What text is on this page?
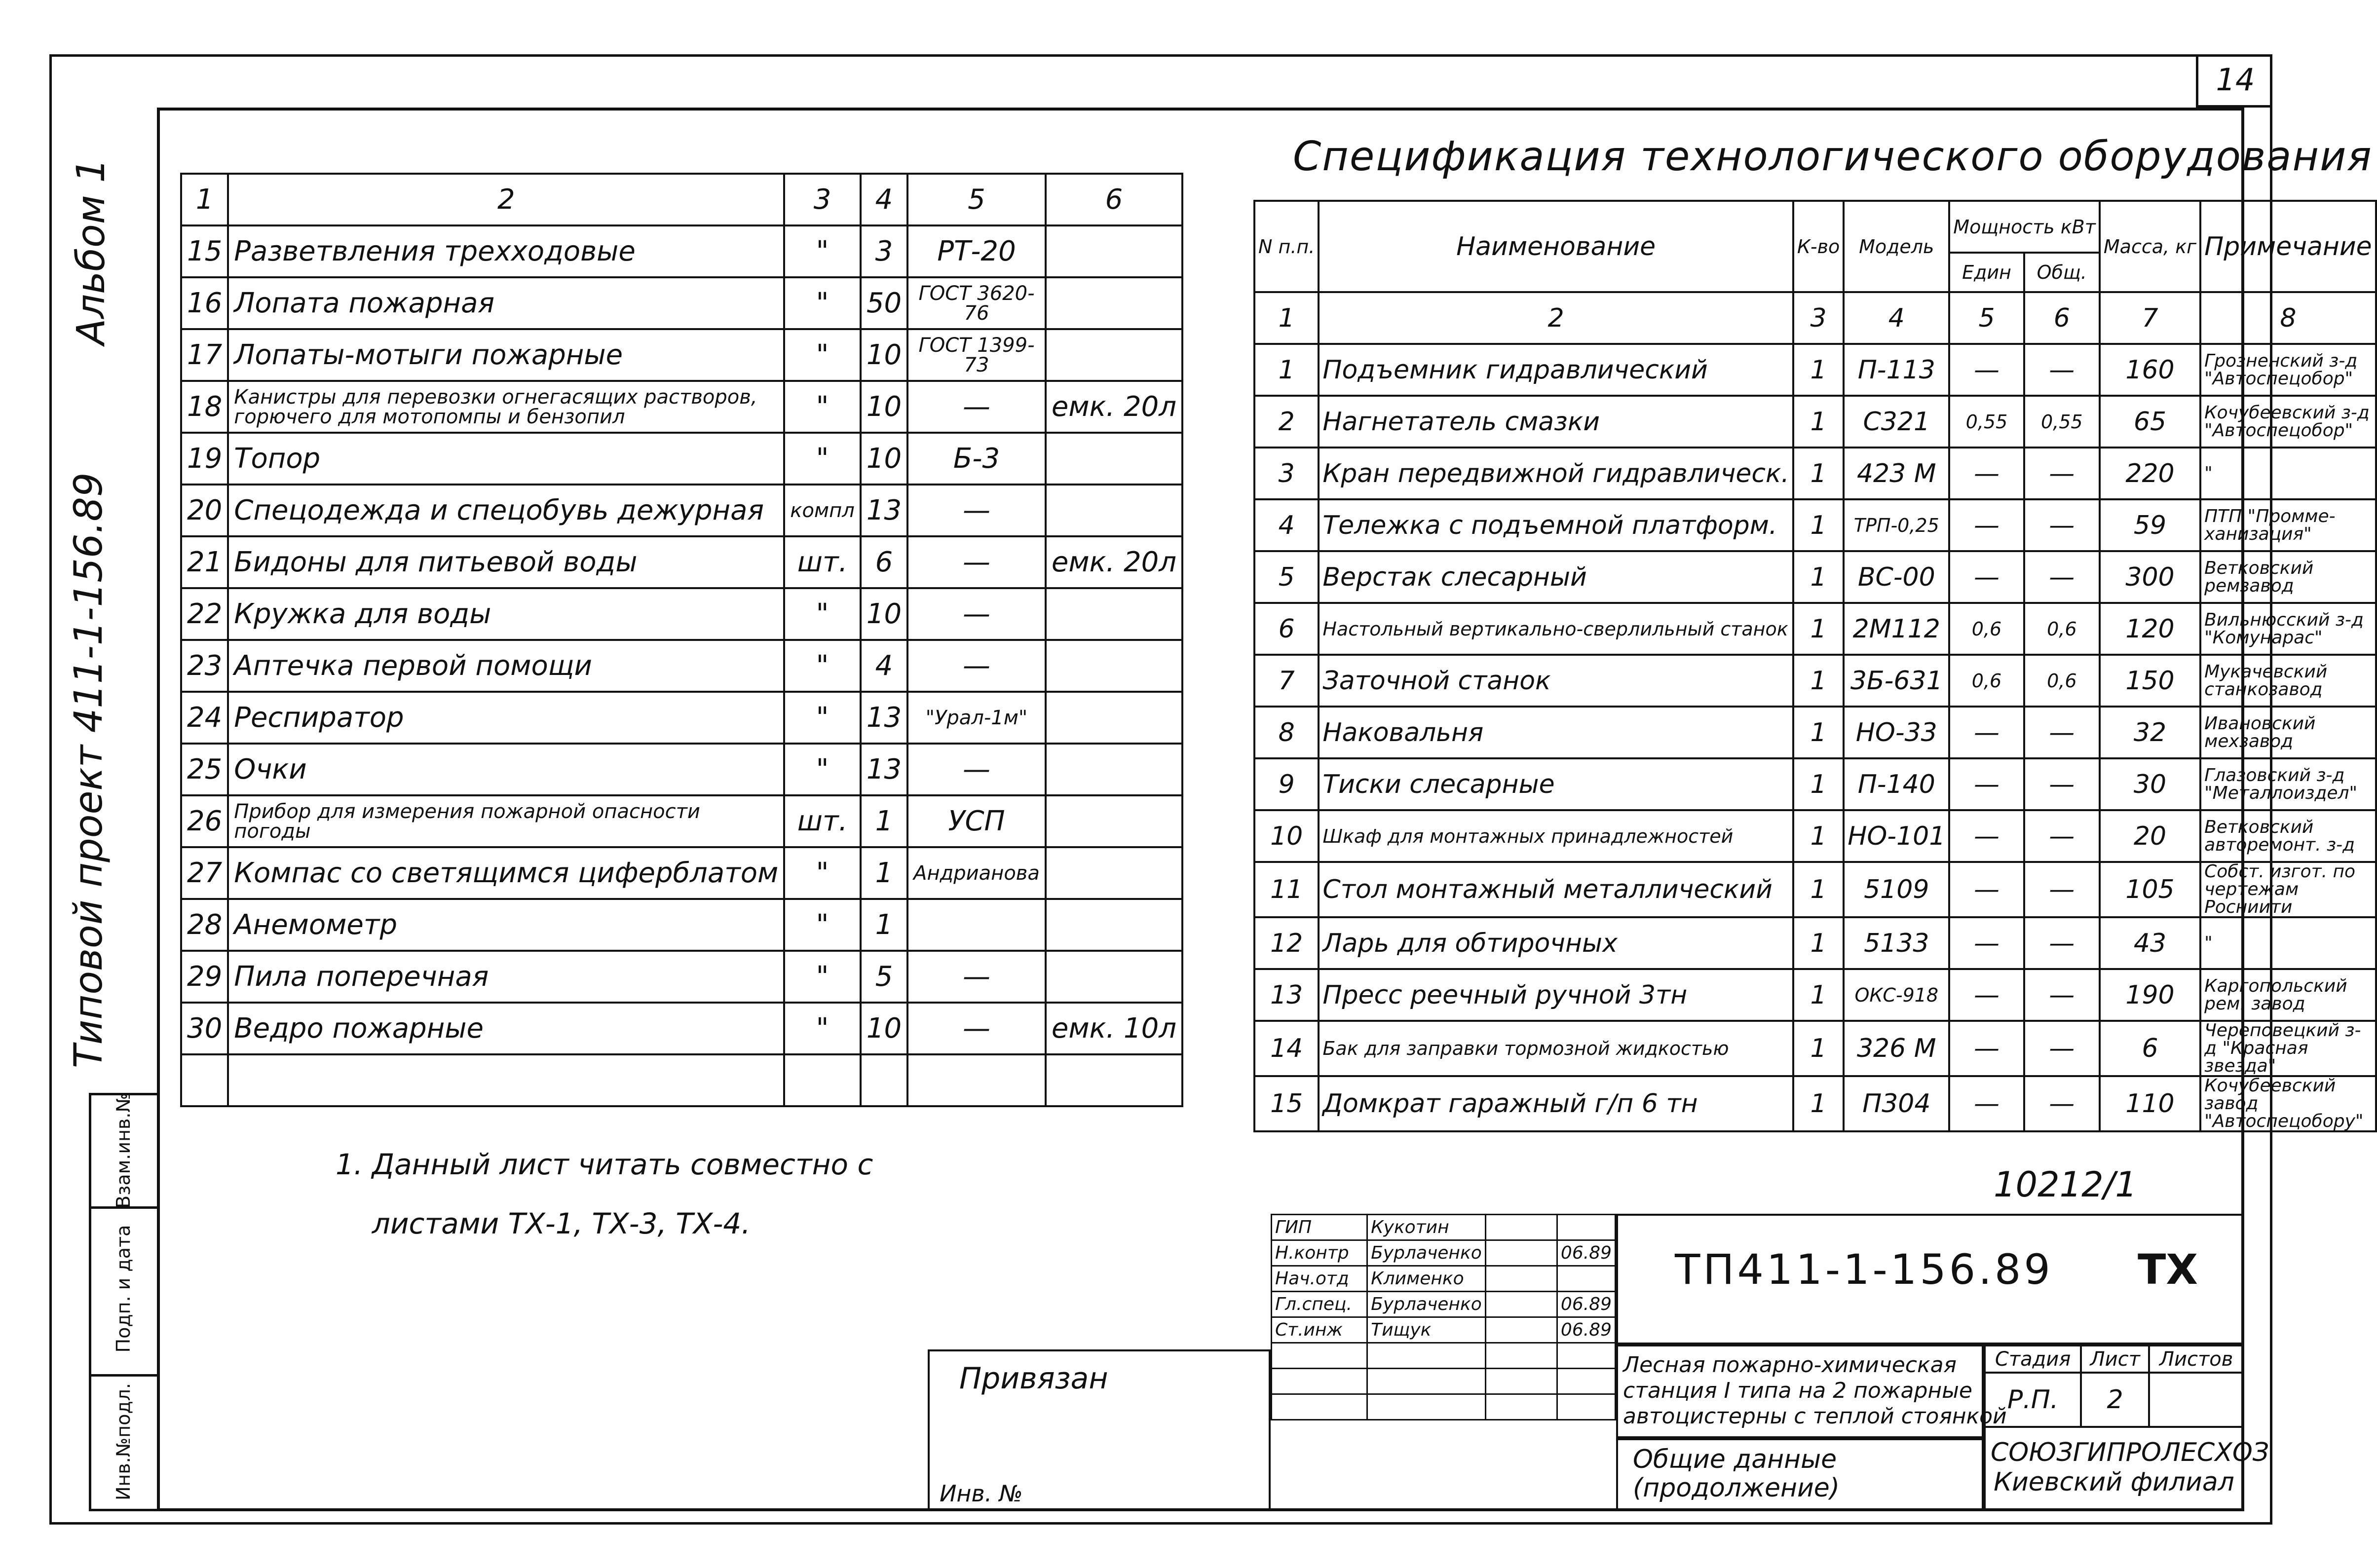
14
Альбом 1
Типовой проект 411-1-156.89
Взам.инв.№
Подп. и дата
Инв.№подл.
1	2	3	4	5	6
15	Разветвления трехходовые	"	3	РТ-20	
16	Лопата пожарная	"	50	ГОСТ 3620-76	
17	Лопаты-мотыги пожарные	"	10	ГОСТ 1399-73	
18	Канистры для перевозки огнегасящих растворов, горючего для мотопомпы и бензопил	"	10	—	емк. 20л
19	Топор	"	10	Б-3	
20	Спецодежда и спецобувь дежурная	компл	13	—	
21	Бидоны для питьевой воды	шт.	6	—	емк. 20л
22	Кружка для воды	"	10	—	
23	Аптечка первой помощи	"	4	—	
24	Респиратор	"	13	"Урал-1м"	
25	Очки	"	13	—	
26	Прибор для измерения пожарной опасности погоды	шт.	1	УСП	
27	Компас со светящимся циферблатом	"	1	Андрианова	
28	Анемометр	"	1		
29	Пила поперечная	"	5	—	
30	Ведро пожарные	"	10	—	емк. 10л

Спецификация технологического оборудования
N п.п.	Наименование	К-во	Модель	Мощность кВт		Масса, кг	Примечание
				Един	Общ.		
1	2	3	4	5	6	7	8
1	Подъемник гидравлический	1	П-113	—	—	160	Грозненский з-д "Автоспецобор"
2	Нагнетатель смазки	1	С321	0,55	0,55	65	Кочубеевский з-д "Автоспецобор"
3	Кран передвижной гидравлическ.	1	423 М	—	—	220	"
4	Тележка с подъемной платформ.	1	ТРП-0,25	—	—	59	ПТП "Промме-ханизация"
5	Верстак слесарный	1	ВС-00	—	—	300	Ветковский ремзавод
6	Настольный вертикально-сверлильный станок	1	2М112	0,6	0,6	120	Вильнюсский з-д "Комунарас"
7	Заточной станок	1	3Б-631	0,6	0,6	150	Мукачевский станкозавод
8	Наковальня	1	НО-33	—	—	32	Ивановский мехзавод
9	Тиски слесарные	1	П-140	—	—	30	Глазовский з-д "Металлоиздел"
10	Шкаф для монтажных принадлежностей	1	НО-101	—	—	20	Ветковский авторемонт. з-д
11	Стол монтажный металлический	1	5109	—	—	105	Собст. изгот. по чертежам Росниити
12	Ларь для обтирочных	1	5133	—	—	43	"
13	Пресс реечный ручной 3тн	1	ОКС-918	—	—	190	Каргопольский рем. завод
14	Бак для заправки тормозной жидкостью	1	326 М	—	—	6	Череповецкий з-д "Красная звезда"
15	Домкрат гаражный г/п 6 тн	1	П304	—	—	110	Кочубеевский завод "Автоспецобору"
1. Данный лист читать совместно с
листами ТХ-1, ТХ-3, ТХ-4.
10212/1
ГИП	Кукотин		
Н.контр	Бурлаченко		06.89
Нач.отд	Клименко		
Гл.спец.	Бурлаченко		06.89
Ст.инж	Тищук		06.89

Привязан
Инв. №
ТП411-1-156.89 ТХ
Лесная пожарно-химическая
станция I типа на 2 пожарные
автоцистерны с теплой стоянкой
Общие данные
(продолжение)
Стадия	Лист	Листов
Р.П.	2	
СОЮЗГИПРОЛЕСХОЗ
Киевский филиал
